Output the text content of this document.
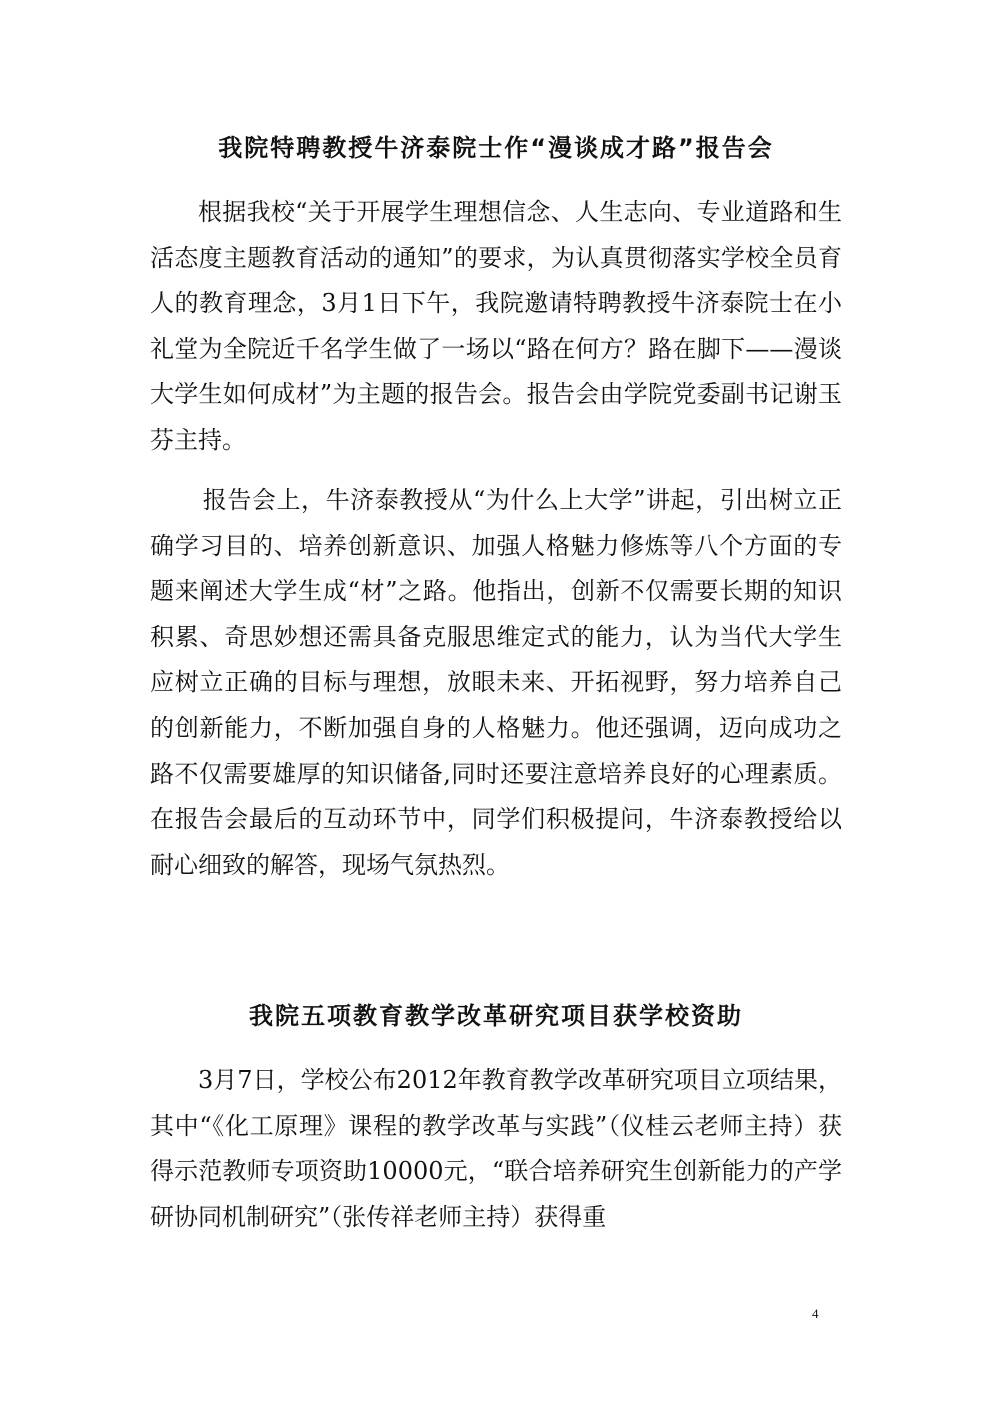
我院特聘教授牛济泰院士作“漫谈成才路”报告会

根据我校“关于开展学生理想信念、人生志向、专业道路和生活态度主题教育活动的通知”的要求，为认真贯彻落实学校全员育人的教育理念，3月1日下午，我院邀请特聘教授牛济泰院士在小礼堂为全院近千名学生做了一场以“路在何方？路在脚下——漫谈大学生如何成材”为主题的报告会。报告会由学院党委副书记谢玉芬主持。

报告会上，牛济泰教授从“为什么上大学”讲起，引出树立正确学习目的、培养创新意识、加强人格魅力修炼等八个方面的专题来阐述大学生成“材”之路。他指出，创新不仅需要长期的知识积累、奇思妙想还需具备克服思维定式的能力，认为当代大学生应树立正确的目标与理想，放眼未来、开拓视野，努力培养自己的创新能力，不断加强自身的人格魅力。他还强调，迈向成功之路不仅需要雄厚的知识储备,同时还要注意培养良好的心理素质。在报告会最后的互动环节中，同学们积极提问，牛济泰教授给以耐心细致的解答，现场气氛热烈。

我院五项教育教学改革研究项目获学校资助

3月7日，学校公布2012年教育教学改革研究项目立项结果，其中“《化工原理》课程的教学改革与实践”（仪桂云老师主持）获得示范教师专项资助10000元，“联合培养研究生创新能力的产学研协同机制研究”（张传祥老师主持）获得重

4
